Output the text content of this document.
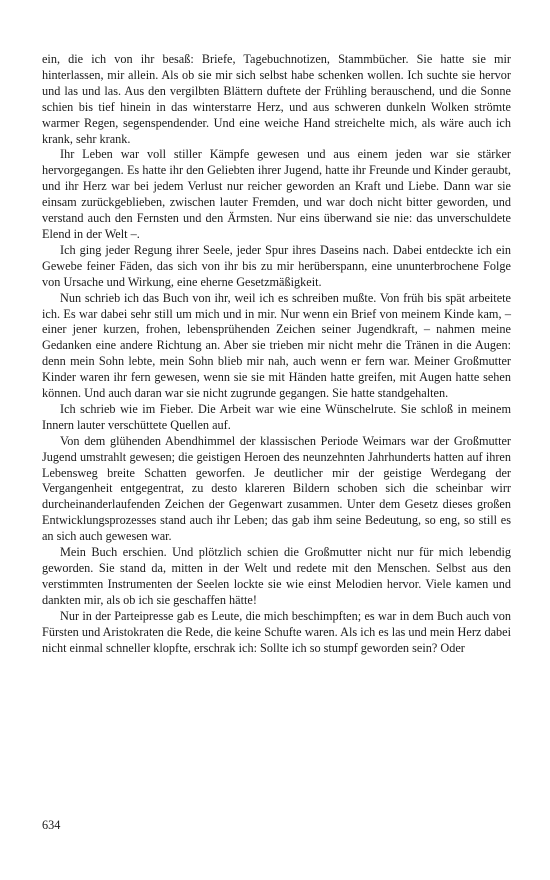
ein, die ich von ihr besaß: Briefe, Tagebuchnotizen, Stammbücher. Sie hatte sie mir hinterlassen, mir allein. Als ob sie mir sich selbst habe schenken wollen. Ich suchte sie hervor und las und las. Aus den vergilbten Blättern duftete der Frühling berauschend, und die Sonne schien bis tief hinein in das winterstarre Herz, und aus schweren dunkeln Wolken strömte warmer Regen, segenspendender. Und eine weiche Hand streichelte mich, als wäre auch ich krank, sehr krank.

Ihr Leben war voll stiller Kämpfe gewesen und aus einem jeden war sie stärker hervorgegangen. Es hatte ihr den Geliebten ihrer Jugend, hatte ihr Freunde und Kinder geraubt, und ihr Herz war bei jedem Verlust nur reicher geworden an Kraft und Liebe. Dann war sie einsam zurückgeblieben, zwischen lauter Fremden, und war doch nicht bitter geworden, und verstand auch den Fernsten und den Ärmsten. Nur eins überwand sie nie: das unverschuldete Elend in der Welt –.

Ich ging jeder Regung ihrer Seele, jeder Spur ihres Daseins nach. Dabei entdeckte ich ein Gewebe feiner Fäden, das sich von ihr bis zu mir herüberspann, eine ununterbrochene Folge von Ursache und Wirkung, eine eherne Gesetzmäßigkeit.

Nun schrieb ich das Buch von ihr, weil ich es schreiben mußte. Von früh bis spät arbeitete ich. Es war dabei sehr still um mich und in mir. Nur wenn ein Brief von meinem Kinde kam, – einer jener kurzen, frohen, lebensprühenden Zeichen seiner Jugendkraft, – nahmen meine Gedanken eine andere Richtung an. Aber sie trieben mir nicht mehr die Tränen in die Augen: denn mein Sohn lebte, mein Sohn blieb mir nah, auch wenn er fern war. Meiner Großmutter Kinder waren ihr fern gewesen, wenn sie sie mit Händen hatte greifen, mit Augen hatte sehen können. Und auch daran war sie nicht zugrunde gegangen. Sie hatte standgehalten.

Ich schrieb wie im Fieber. Die Arbeit war wie eine Wünschelrute. Sie schloß in meinem Innern lauter verschüttete Quellen auf.

Von dem glühenden Abendhimmel der klassischen Periode Weimars war der Großmutter Jugend umstrahlt gewesen; die geistigen Heroen des neunzehnten Jahrhunderts hatten auf ihren Lebensweg breite Schatten geworfen. Je deutlicher mir der geistige Werdegang der Vergangenheit entgegentrat, zu desto klareren Bildern schoben sich die scheinbar wirr durcheinanderlaufenden Zeichen der Gegenwart zusammen. Unter dem Gesetz dieses großen Entwicklungsprozesses stand auch ihr Leben; das gab ihm seine Bedeutung, so eng, so still es an sich auch gewesen war.

Mein Buch erschien. Und plötzlich schien die Großmutter nicht nur für mich lebendig geworden. Sie stand da, mitten in der Welt und redete mit den Menschen. Selbst aus den verstimmten Instrumenten der Seelen lockte sie wie einst Melodien hervor. Viele kamen und dankten mir, als ob ich sie geschaffen hätte!

Nur in der Parteipresse gab es Leute, die mich beschimpften; es war in dem Buch auch von Fürsten und Aristokraten die Rede, die keine Schufte waren. Als ich es las und mein Herz dabei nicht einmal schneller klopfte, erschrak ich: Sollte ich so stumpf geworden sein? Oder

634
